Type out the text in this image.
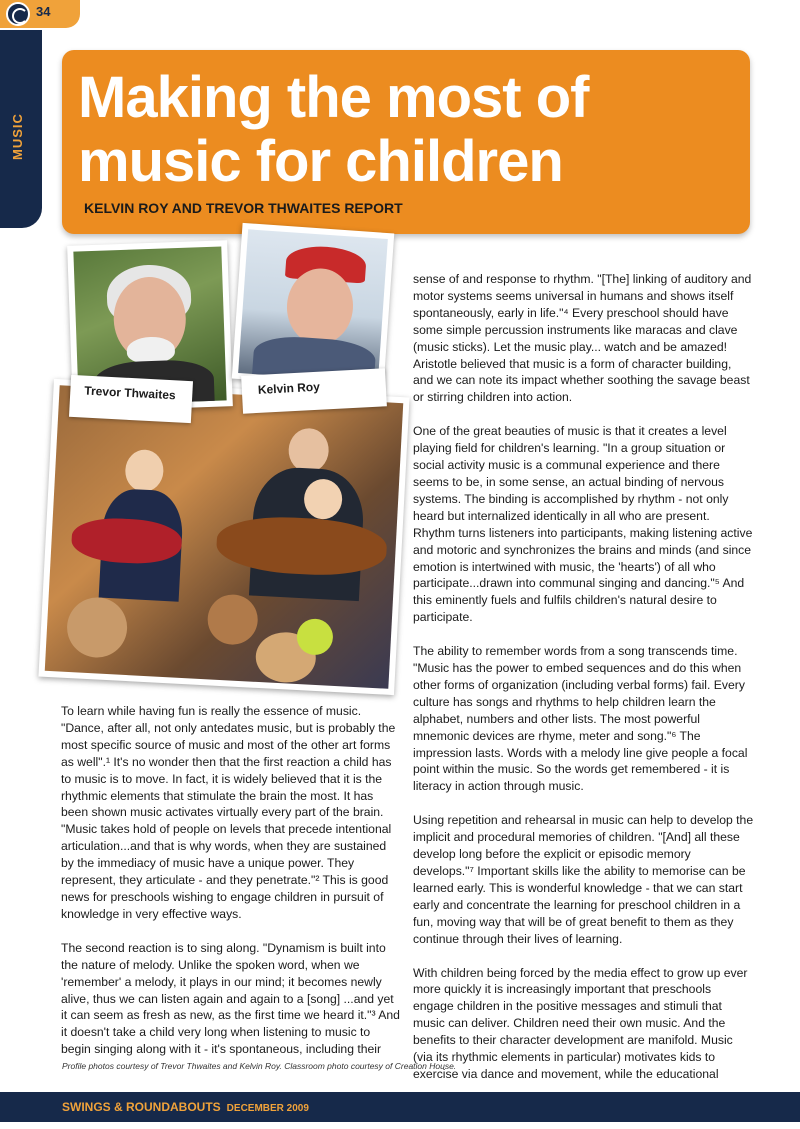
34
MUSIC
Making the most of music for children
KELVIN ROY AND TREVOR THWAITES REPORT
Trevor Thwaites	Kelvin Roy

sense of and response to rhythm. "[The] linking of auditory and motor systems seems universal in humans and shows itself spontaneously, early in life."⁴ Every preschool should have some simple percussion instruments like maracas and clave (music sticks). Let the music play... watch and be amazed! Aristotle believed that music is a form of character building, and we can note its impact whether soothing the savage beast or stirring children into action.

One of the great beauties of music is that it creates a level playing field for children's learning. "In a group situation or social activity music is a communal experience and there seems to be, in some sense, an actual binding of nervous systems. The binding is accomplished by rhythm - not only heard but internalized identically in all who are present. Rhythm turns listeners into participants, making listening active and motoric and synchronizes the brains and minds (and since emotion is intertwined with music, the 'hearts') of all who participate...drawn into communal singing and dancing."⁵ And this eminently fuels and fulfils children's natural desire to participate.

The ability to remember words from a song transcends time. "Music has the power to embed sequences and do this when other forms of organization (including verbal forms) fail. Every culture has songs and rhythms to help children learn the alphabet, numbers and other lists. The most powerful mnemonic devices are rhyme, meter and song."⁶ The impression lasts. Words with a melody line give people a focal point within the music. So the words get remembered - it is literacy in action through music.

Using repetition and rehearsal in music can help to develop the implicit and procedural memories of children. "[And] all these develop long before the explicit or episodic memory develops."⁷ Important skills like the ability to memorise can be learned early. This is wonderful knowledge - that we can start early and concentrate the learning for preschool children in a fun, moving way that will be of great benefit to them as they continue through their lives of learning.

With children being forced by the media effect to grow up ever more quickly it is increasingly important that preschools engage children in the positive messages and stimuli that music can deliver. Children need their own music. And the benefits to their character development are manifold. Music (via its rhythmic elements in particular) motivates kids to exercise via dance and movement, while the educational

To learn while having fun is really the essence of music. "Dance, after all, not only antedates music, but is probably the most specific source of music and most of the other art forms as well".¹ It's no wonder then that the first reaction a child has to music is to move. In fact, it is widely believed that it is the rhythmic elements that stimulate the brain the most. It has been shown music activates virtually every part of the brain. "Music takes hold of people on levels that precede intentional articulation...and that is why words, when they are sustained by the immediacy of music have a unique power. They represent, they articulate - and they penetrate."² This is good news for preschools wishing to engage children in pursuit of knowledge in very effective ways.

The second reaction is to sing along. "Dynamism is built into the nature of melody. Unlike the spoken word, when we 'remember' a melody, it plays in our mind; it becomes newly alive, thus we can listen again and again to a [song] ...and yet it can seem as fresh as new, as the first time we heard it."³ And it doesn't take a child very long when listening to music to begin singing along with it - it's spontaneous, including their

Profile photos courtesy of Trevor Thwaites and Kelvin Roy. Classroom photo courtesy of Creation House.
SWINGS & ROUNDABOUTS DECEMBER 2009
